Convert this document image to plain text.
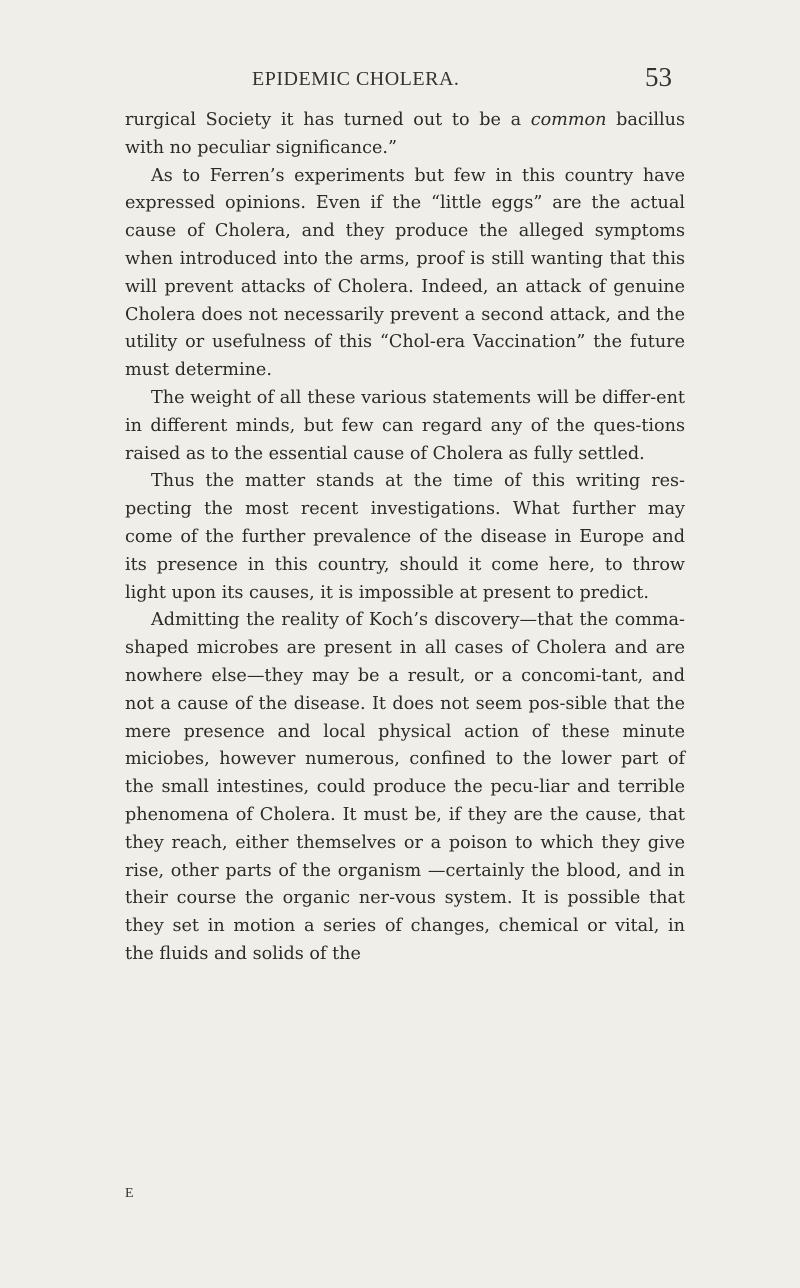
EPIDEMIC CHOLERA.	53

rurgical Society it has turned out to be a common bacillus with no peculiar significance.”

As to Ferren’s experiments but few in this country have expressed opinions. Even if the “little eggs” are the actual cause of Cholera, and they produce the alleged symptoms when introduced into the arms, proof is still wanting that this will prevent attacks of Cholera. Indeed, an attack of genuine Cholera does not necessarily prevent a second attack, and the utility or usefulness of this “Chol-era Vaccination” the future must determine.

The weight of all these various statements will be differ-ent in different minds, but few can regard any of the ques-tions raised as to the essential cause of Cholera as fully settled.

Thus the matter stands at the time of this writing res-pecting the most recent investigations. What further may come of the further prevalence of the disease in Europe and its presence in this country, should it come here, to throw light upon its causes, it is impossible at present to predict.

Admitting the reality of Koch’s discovery—that the comma-shaped microbes are present in all cases of Cholera and are nowhere else—they may be a result, or a concomi-tant, and not a cause of the disease. It does not seem pos-sible that the mere presence and local physical action of these minute miciobes, however numerous, confined to the lower part of the small intestines, could produce the pecu-liar and terrible phenomena of Cholera. It must be, if they are the cause, that they reach, either themselves or a poison to which they give rise, other parts of the organism —certainly the blood, and in their course the organic ner-vous system. It is possible that they set in motion a series of changes, chemical or vital, in the fluids and solids of the

E
